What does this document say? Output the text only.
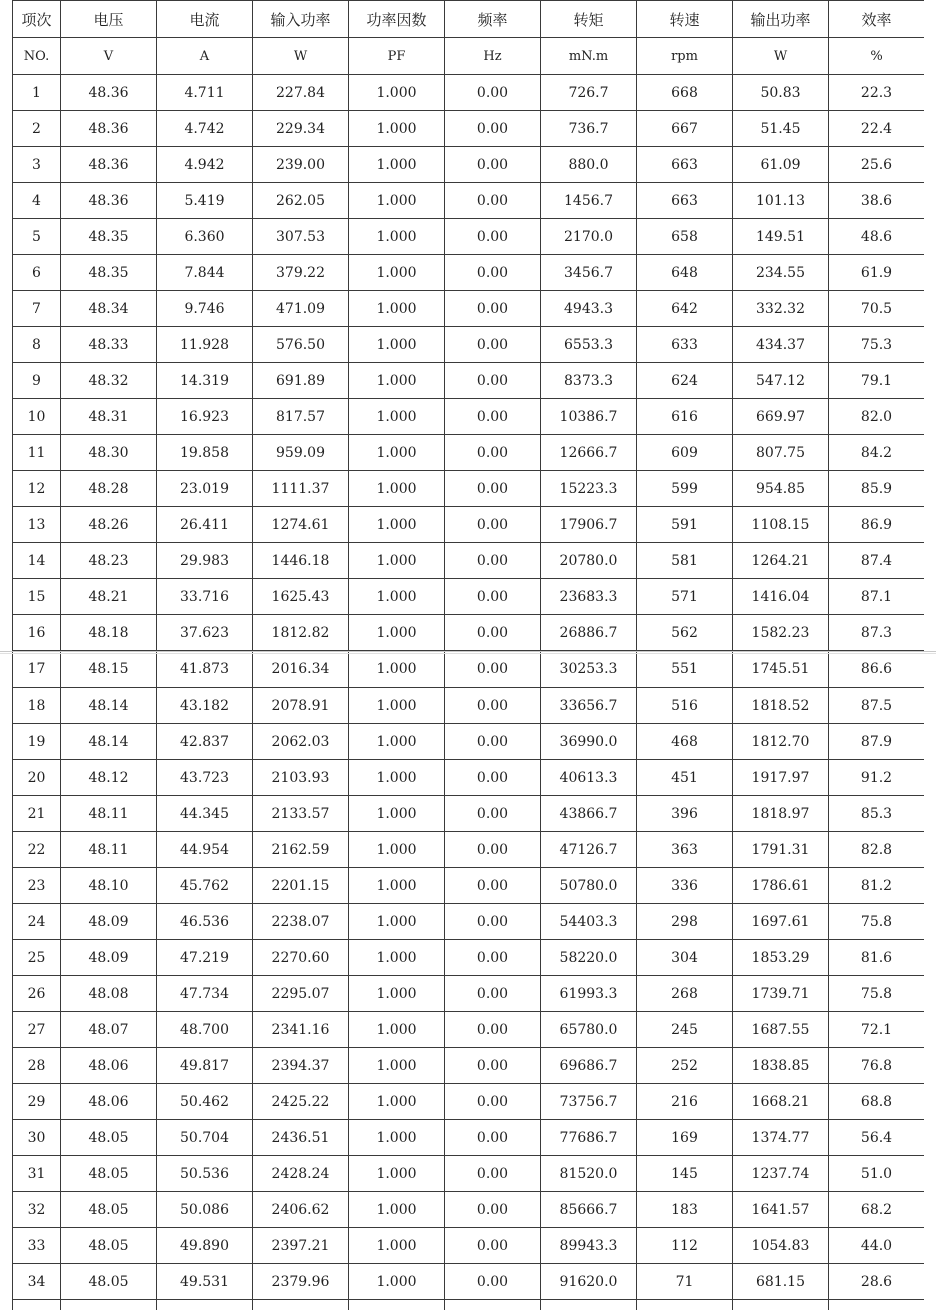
项次	电压	电流	输入功率	功率因数	频率	转矩	转速	输出功率	效率
NO.	V	A	W	PF	Hz	mN.m	rpm	W	%
1	48.36	4.711	227.84	1.000	0.00	726.7	668	50.83	22.3
2	48.36	4.742	229.34	1.000	0.00	736.7	667	51.45	22.4
3	48.36	4.942	239.00	1.000	0.00	880.0	663	61.09	25.6
4	48.36	5.419	262.05	1.000	0.00	1456.7	663	101.13	38.6
5	48.35	6.360	307.53	1.000	0.00	2170.0	658	149.51	48.6
6	48.35	7.844	379.22	1.000	0.00	3456.7	648	234.55	61.9
7	48.34	9.746	471.09	1.000	0.00	4943.3	642	332.32	70.5
8	48.33	11.928	576.50	1.000	0.00	6553.3	633	434.37	75.3
9	48.32	14.319	691.89	1.000	0.00	8373.3	624	547.12	79.1
10	48.31	16.923	817.57	1.000	0.00	10386.7	616	669.97	82.0
11	48.30	19.858	959.09	1.000	0.00	12666.7	609	807.75	84.2
12	48.28	23.019	1111.37	1.000	0.00	15223.3	599	954.85	85.9
13	48.26	26.411	1274.61	1.000	0.00	17906.7	591	1108.15	86.9
14	48.23	29.983	1446.18	1.000	0.00	20780.0	581	1264.21	87.4
15	48.21	33.716	1625.43	1.000	0.00	23683.3	571	1416.04	87.1
16	48.18	37.623	1812.82	1.000	0.00	26886.7	562	1582.23	87.3
17	48.15	41.873	2016.34	1.000	0.00	30253.3	551	1745.51	86.6
18	48.14	43.182	2078.91	1.000	0.00	33656.7	516	1818.52	87.5
19	48.14	42.837	2062.03	1.000	0.00	36990.0	468	1812.70	87.9
20	48.12	43.723	2103.93	1.000	0.00	40613.3	451	1917.97	91.2
21	48.11	44.345	2133.57	1.000	0.00	43866.7	396	1818.97	85.3
22	48.11	44.954	2162.59	1.000	0.00	47126.7	363	1791.31	82.8
23	48.10	45.762	2201.15	1.000	0.00	50780.0	336	1786.61	81.2
24	48.09	46.536	2238.07	1.000	0.00	54403.3	298	1697.61	75.8
25	48.09	47.219	2270.60	1.000	0.00	58220.0	304	1853.29	81.6
26	48.08	47.734	2295.07	1.000	0.00	61993.3	268	1739.71	75.8
27	48.07	48.700	2341.16	1.000	0.00	65780.0	245	1687.55	72.1
28	48.06	49.817	2394.37	1.000	0.00	69686.7	252	1838.85	76.8
29	48.06	50.462	2425.22	1.000	0.00	73756.7	216	1668.21	68.8
30	48.05	50.704	2436.51	1.000	0.00	77686.7	169	1374.77	56.4
31	48.05	50.536	2428.24	1.000	0.00	81520.0	145	1237.74	51.0
32	48.05	50.086	2406.62	1.000	0.00	85666.7	183	1641.57	68.2
33	48.05	49.890	2397.21	1.000	0.00	89943.3	112	1054.83	44.0
34	48.05	49.531	2379.96	1.000	0.00	91620.0	71	681.15	28.6
